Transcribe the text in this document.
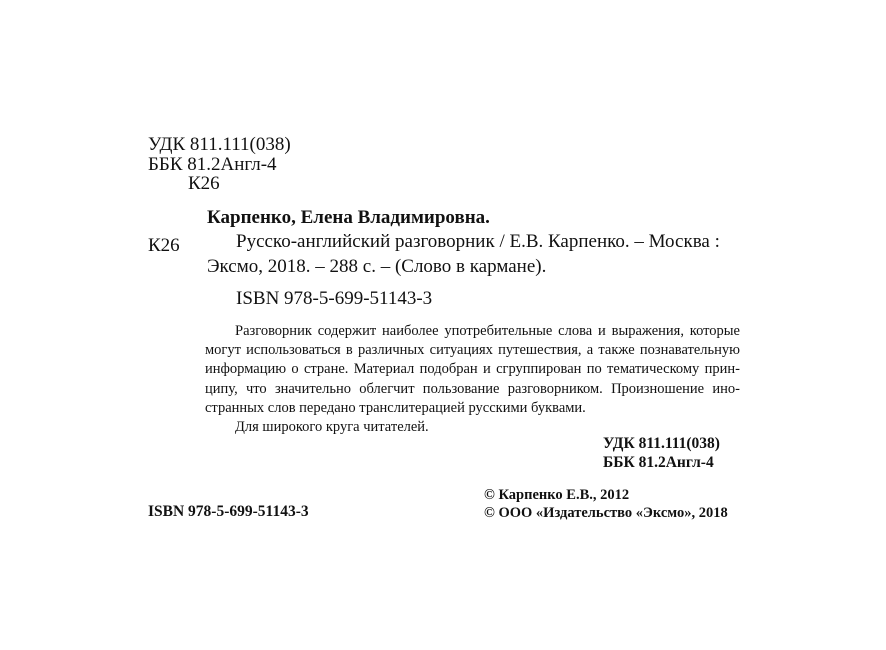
УДК 811.111(038)
ББК 81.2Англ-4
К26
Карпенко, Елена Владимировна.
К26	Русско-английский разговорник / Е.В. Карпенко. – Москва :
Эксмо, 2018. – 288 с. – (Слово в кармане).
ISBN 978-5-699-51143-3

Разговорник содержит наиболее употребительные слова и выражения, которые могут использоваться в различных ситуациях путешествия, а также познавательную информацию о стране. Материал подобран и сгруппирован по тематическому принципу, что значительно облегчит пользование разговорником. Произношение иностранных слов передано транслитерацией русскими буквами.

Для широкого круга читателей.

УДК 811.111(038)
ББК 81.2Англ-4
ISBN 978-5-699-51143-3
© Карпенко Е.В., 2012
© ООО «Издательство «Эксмо», 2018
